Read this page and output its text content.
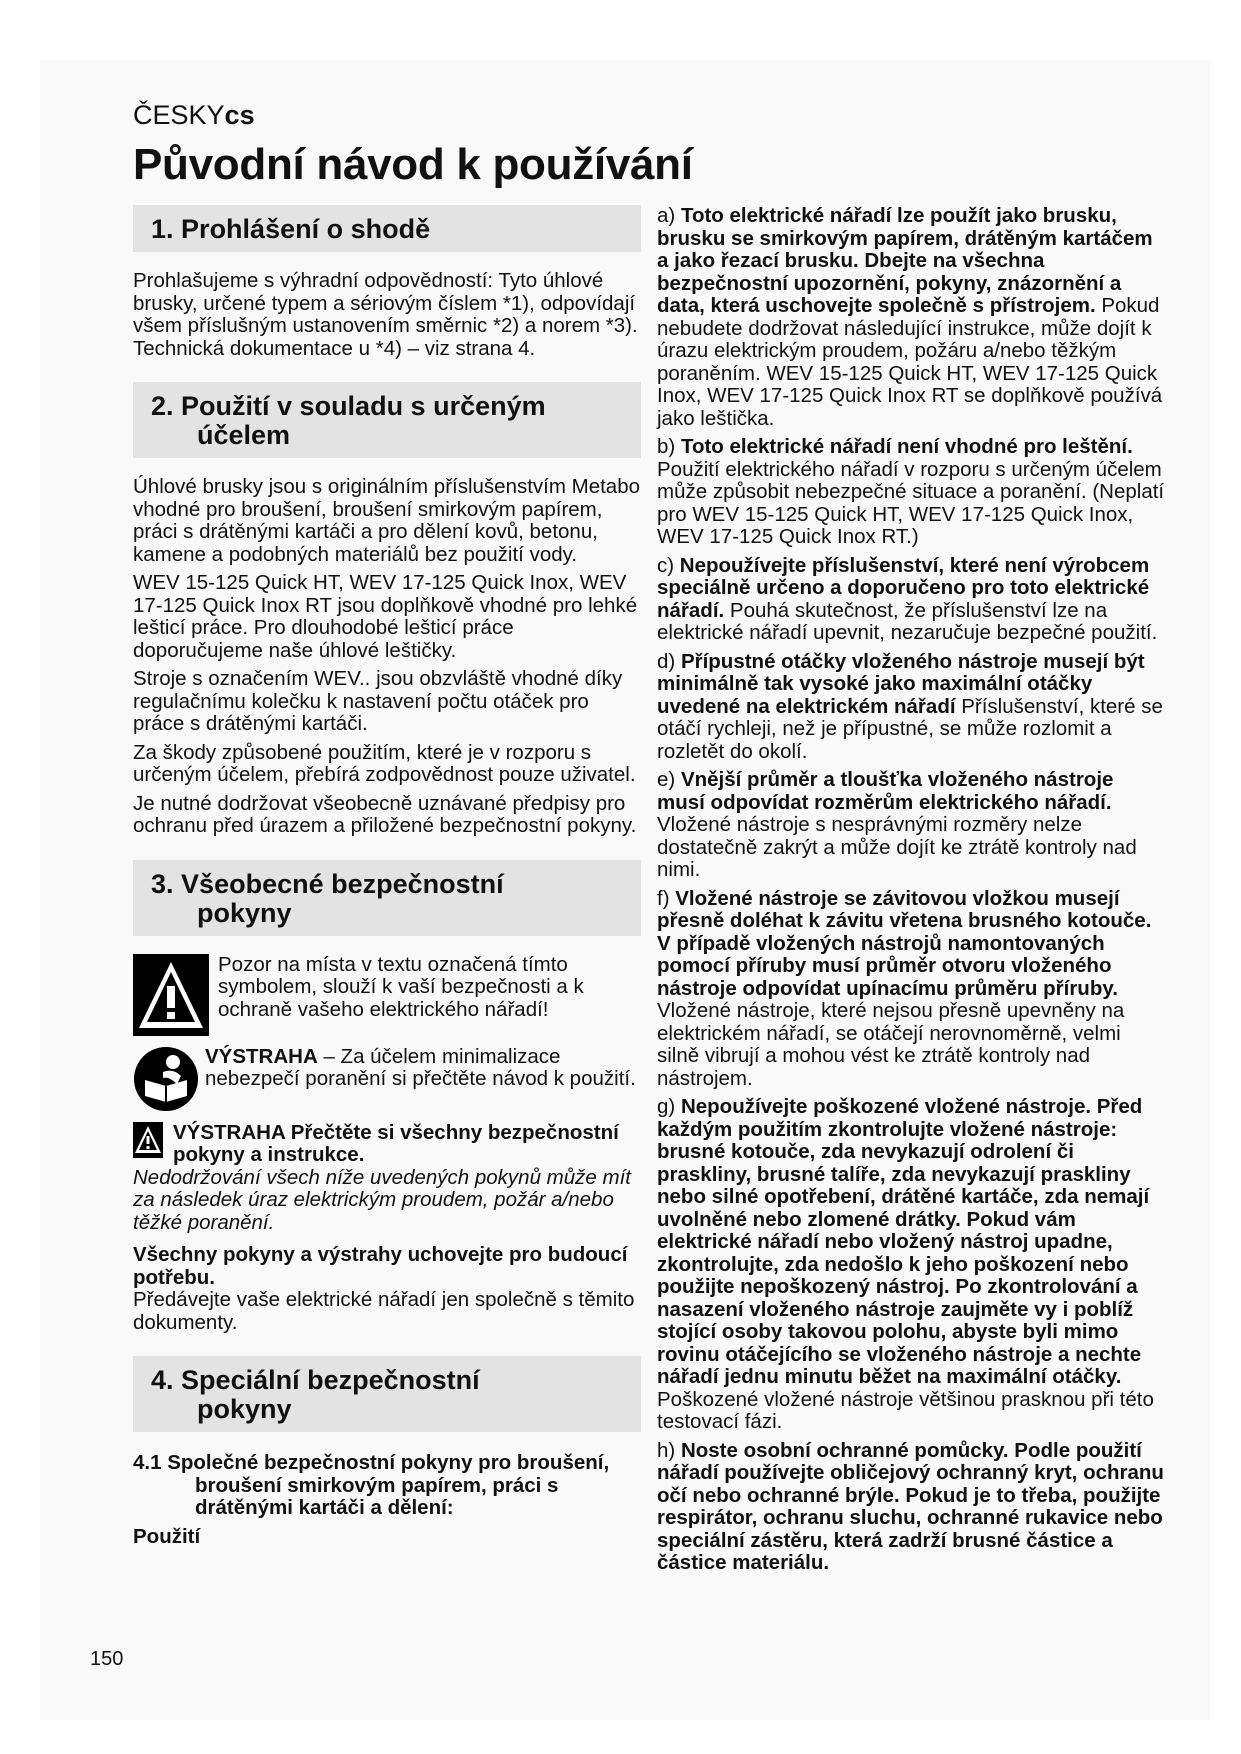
ČESKYcs
Původní návod k používání
1. Prohlášení o shodě

Prohlašujeme s výhradní odpovědností: Tyto úhlové brusky, určené typem a sériovým číslem *1), odpovídají všem příslušným ustanovením směrnic *2) a norem *3). Technická dokumentace u *4) – viz strana 4.

2. Použití v souladu s určeným
účelem

Úhlové brusky jsou s originálním příslušenstvím Metabo vhodné pro broušení, broušení smirkovým papírem, práci s drátěnými kartáči a pro dělení kovů, betonu, kamene a podobných materiálů bez použití vody.

WEV 15-125 Quick HT, WEV 17-125 Quick Inox, WEV 17-125 Quick Inox RT jsou doplňkově vhodné pro lehké lešticí práce. Pro dlouhodobé lešticí práce doporučujeme naše úhlové leštičky.

Stroje s označením WEV.. jsou obzvláště vhodné díky regulačnímu kolečku k nastavení počtu otáček pro práce s drátěnými kartáči.

Za škody způsobené použitím, které je v rozporu s určeným účelem, přebírá zodpovědnost pouze uživatel.

Je nutné dodržovat všeobecně uznávané předpisy pro ochranu před úrazem a přiložené bezpečnostní pokyny.

3. Všeobecné bezpečnostní
pokyny

Pozor na místa v textu označená tímto symbolem, slouží k vaší bezpečnosti a k ochraně vašeho elektrického nářadí!

VÝSTRAHA – Za účelem minimalizace nebezpečí poranění si přečtěte návod k použití.

VÝSTRAHA Přečtěte si všechny bezpečnostní pokyny a instrukce.

Nedodržování všech níže uvedených pokynů může mít za následek úraz elektrickým proudem, požár a/nebo těžké poranění.

Všechny pokyny a výstrahy uchovejte pro budoucí potřebu.

Předávejte vaše elektrické nářadí jen společně s těmito dokumenty.

4. Speciální bezpečnostní
pokyny

4.1 Společné bezpečnostní pokyny pro broušení, broušení smirkovým papírem, práci s drátěnými kartáči a dělení:

Použití

a) Toto elektrické nářadí lze použít jako brusku, brusku se smirkovým papírem, drátěným kartáčem a jako řezací brusku. Dbejte na všechna bezpečnostní upozornění, pokyny, znázornění a data, která uschovejte společně s přístrojem. Pokud nebudete dodržovat následující instrukce, může dojít k úrazu elektrickým proudem, požáru a/nebo těžkým poraněním. WEV 15-125 Quick HT, WEV 17-125 Quick Inox, WEV 17-125 Quick Inox RT se doplňkově používá jako leštička.

b) Toto elektrické nářadí není vhodné pro leštění. Použití elektrického nářadí v rozporu s určeným účelem může způsobit nebezpečné situace a poranění. (Neplatí pro WEV 15-125 Quick HT, WEV 17-125 Quick Inox, WEV 17-125 Quick Inox RT.)

c) Nepoužívejte příslušenství, které není výrobcem speciálně určeno a doporučeno pro toto elektrické nářadí. Pouhá skutečnost, že příslušenství lze na elektrické nářadí upevnit, nezaručuje bezpečné použití.

d) Přípustné otáčky vloženého nástroje musejí být minimálně tak vysoké jako maximální otáčky uvedené na elektrickém nářadí Příslušenství, které se otáčí rychleji, než je přípustné, se může rozlomit a rozletět do okolí.

e) Vnější průměr a tloušťka vloženého nástroje musí odpovídat rozměrům elektrického nářadí. Vložené nástroje s nesprávnými rozměry nelze dostatečně zakrýt a může dojít ke ztrátě kontroly nad nimi.

f) Vložené nástroje se závitovou vložkou musejí přesně doléhat k závitu vřetena brusného kotouče. V případě vložených nástrojů namontovaných pomocí příruby musí průměr otvoru vloženého nástroje odpovídat upínacímu průměru příruby. Vložené nástroje, které nejsou přesně upevněny na elektrickém nářadí, se otáčejí nerovnoměrně, velmi silně vibrují a mohou vést ke ztrátě kontroly nad nástrojem.

g) Nepoužívejte poškozené vložené nástroje. Před každým použitím zkontrolujte vložené nástroje: brusné kotouče, zda nevykazují odrolení či praskliny, brusné talíře, zda nevykazují praskliny nebo silné opotřebení, drátěné kartáče, zda nemají uvolněné nebo zlomené drátky. Pokud vám elektrické nářadí nebo vložený nástroj upadne, zkontrolujte, zda nedošlo k jeho poškození nebo použijte nepoškozený nástroj. Po zkontrolování a nasazení vloženého nástroje zaujměte vy i poblíž stojící osoby takovou polohu, abyste byli mimo rovinu otáčejícího se vloženého nástroje a nechte nářadí jednu minutu běžet na maximální otáčky. Poškozené vložené nástroje většinou prasknou při této testovací fázi.

h) Noste osobní ochranné pomůcky. Podle použití nářadí používejte obličejový ochranný kryt, ochranu očí nebo ochranné brýle. Pokud je to třeba, použijte respirátor, ochranu sluchu, ochranné rukavice nebo speciální zástěru, která zadrží brusné částice a částice materiálu.

150
